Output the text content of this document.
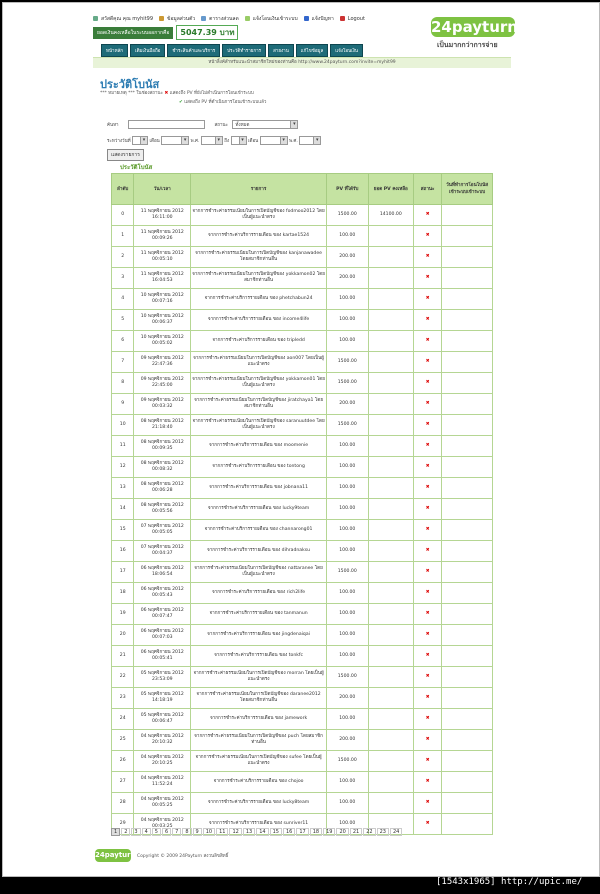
สวัสดีคุณ คุณ myhit99	ข้อมูลส่วนตัว	ตารางส่วนลด	แจ้งโอนเงินเข้าระบบ	แจ้งปัญหา	Logout	24payturn
เป็นมากกว่าการจ่าย
ยอดเงินคงเหลือในระบบออกากคือ	5047.39 บาท
หน้าหลัก	เติมเงินมือถือ	ชำระสินค้าและบริการ	ประวัติทำรายการ	สายงาน	แก้ไขข้อมูล	แจ้งโอนเงิน
หน้าลิ้งค์สำหรับแนะนำสมาชิกใหม่ของท่านคือ http://www.24payturn.com?invite=myhit99
ประวัติโบนัส
*** หมายเหตุ *** ในช่องสถานะ ✖ แสดงถึง PV ที่ยังไม่ดำเนินการโอนเข้าระบบ
✔ แสดงถึง PV ที่ดำเนินการโอนเข้าระบบแล้ว
ค้นหา	สถานะ ทั้งหมด	▾
ระหว่างวันที่	▾ เดือน	▾ พ.ศ.	▾ ถึง	▾ เดือน	▾ พ.ศ.	▾
แสดงรายการ
ประวัติโบนัส
ลำดับ	วัน/เวลา	รายการ	PV ที่ได้รับ	ยอด PV คงเหลือ	สถานะ	วันที่ทำการโอนโบนัส เข้าระบบเข้าระบบ
0	11 พฤศจิกายน 2012
16:11:00	จากการชำระค่าธรรมเนียมในการเปิดบัญชีของ fodmoo2012 โดยเป็นผู้แนะนำตรง	1500.00	14100.00	✖	
1	11 พฤศจิกายน 2012
00:09:26	จากการชำระค่าบริการรายเดือน ของ kartae1524	100.00		✖	
2	11 พฤศจิกายน 2012
00:05:10	จากการชำระค่าธรรมเนียมในการเปิดบัญชีของ kanjanawadee โดยสมาชิกท่านอื่น	200.00		✖	
3	11 พฤศจิกายน 2012
16:04:53	จากการชำระค่าธรรมเนียมในการเปิดบัญชีของ yokkamon02 โดยสมาชิกท่านอื่น	200.00		✖	
4	10 พฤศจิกายน 2012
00:07:16	จากการชำระค่าบริการรายเดือน ของ phetchabun24	100.00		✖	
5	10 พฤศจิกายน 2012
00:06:37	จากการชำระค่าบริการรายเดือน ของ income4life	100.00		✖	
6	10 พฤศจิกายน 2012
00:05:02	จากการชำระค่าบริการรายเดือน ของ tripledd	100.00		✖	
7	09 พฤศจิกายน 2012
22:47:36	จากการชำระค่าธรรมเนียมในการเปิดบัญชีของ aon007 โดยเป็นผู้แนะนำตรง	1500.00		✖	
8	09 พฤศจิกายน 2012
22:45:00	จากการชำระค่าธรรมเนียมในการเปิดบัญชีของ yokkamon01 โดยเป็นผู้แนะนำตรง	1500.00		✖	
9	09 พฤศจิกายน 2012
00:03:32	จากการชำระค่าธรรมเนียมในการเปิดบัญชีของ jiratchaya1 โดยสมาชิกท่านอื่น	200.00		✖	
10	08 พฤศจิกายน 2012
21:18:40	จากการชำระค่าธรรมเนียมในการเปิดบัญชีของ saranuutdee โดยเป็นผู้แนะนำตรง	1500.00		✖	
11	08 พฤศจิกายน 2012
00:09:35	จากการชำระค่าบริการรายเดือน ของ moomenie	100.00		✖	
12	08 พฤศจิกายน 2012
00:08:32	จากการชำระค่าบริการรายเดือน ของ tontong	100.00		✖	
13	08 พฤศจิกายน 2012
00:06:28	จากการชำระค่าบริการรายเดือน ของ jobnana11	100.00		✖	
14	08 พฤศจิกายน 2012
00:05:56	จากการชำระค่าบริการรายเดือน ของ lucky9team	100.00		✖	
15	07 พฤศจิกายน 2012
00:05:05	จากการชำระค่าบริการรายเดือน ของ channarong01	100.00		✖	
16	07 พฤศจิกายน 2012
00:04:37	จากการชำระค่าบริการรายเดือน ของ dihradnaksu	100.00		✖	
17	06 พฤศจิกายน 2012
18:06:54	จากการชำระค่าธรรมเนียมในการเปิดบัญชีของ nattaranee โดยเป็นผู้แนะนำตรง	1500.00		✖	
18	06 พฤศจิกายน 2012
00:05:43	จากการชำระค่าบริการรายเดือน ของ rich2life	100.00		✖	
19	06 พฤศจิกายน 2012
00:07:47	จากการชำระค่าบริการรายเดือน ของ tanmanun	100.00		✖	
20	06 พฤศจิกายน 2012
00:07:03	จากการชำระค่าบริการรายเดือน ของ jingdenaiqai	100.00		✖	
21	06 พฤศจิกายน 2012
00:05:41	จากการชำระค่าบริการรายเดือน ของ tonkfc	100.00		✖	
22	05 พฤศจิกายน 2012
23:53:09	จากการชำระค่าธรรมเนียมในการเปิดบัญชีของ morran โดยเป็นผู้แนะนำตรง	1500.00		✖	
23	05 พฤศจิกายน 2012
14:18:19	จากการชำระค่าธรรมเนียมในการเปิดบัญชีของ daranee2012 โดยสมาชิกท่านอื่น	200.00		✖	
24	05 พฤศจิกายน 2012
00:06:47	จากการชำระค่าบริการรายเดือน ของ jamework	100.00		✖	
25	04 พฤศจิกายน 2012
20:10:32	จากการชำระค่าธรรมเนียมในการเปิดบัญชีของ puch โดยสมาชิกท่านอื่น	200.00		✖	
26	04 พฤศจิกายน 2012
20:10:25	จากการชำระค่าธรรมเนียมในการเปิดบัญชีของ sufee โดยเป็นผู้แนะนำตรง	1500.00		✖	
27	04 พฤศจิกายน 2012
11:52:24	จากการชำระค่าบริการรายเดือน ของ chojoo	100.00		✖	
28	04 พฤศจิกายน 2012
00:05:25	จากการชำระค่าบริการรายเดือน ของ lucky8team	100.00		✖	
29	04 พฤศจิกายน 2012
00:03:25	จากการชำระค่าบริการรายเดือน ของ sunriver11	100.00		✖	
1	2	3	4	5	6	7	8	9	10	11	12	13	14	15	16	17	18	19	20	21	22	23	24
24payturn Copyright © 2009 24Payturn สงวนลิขสิทธิ์
[1543x1965] http://upic.me/
